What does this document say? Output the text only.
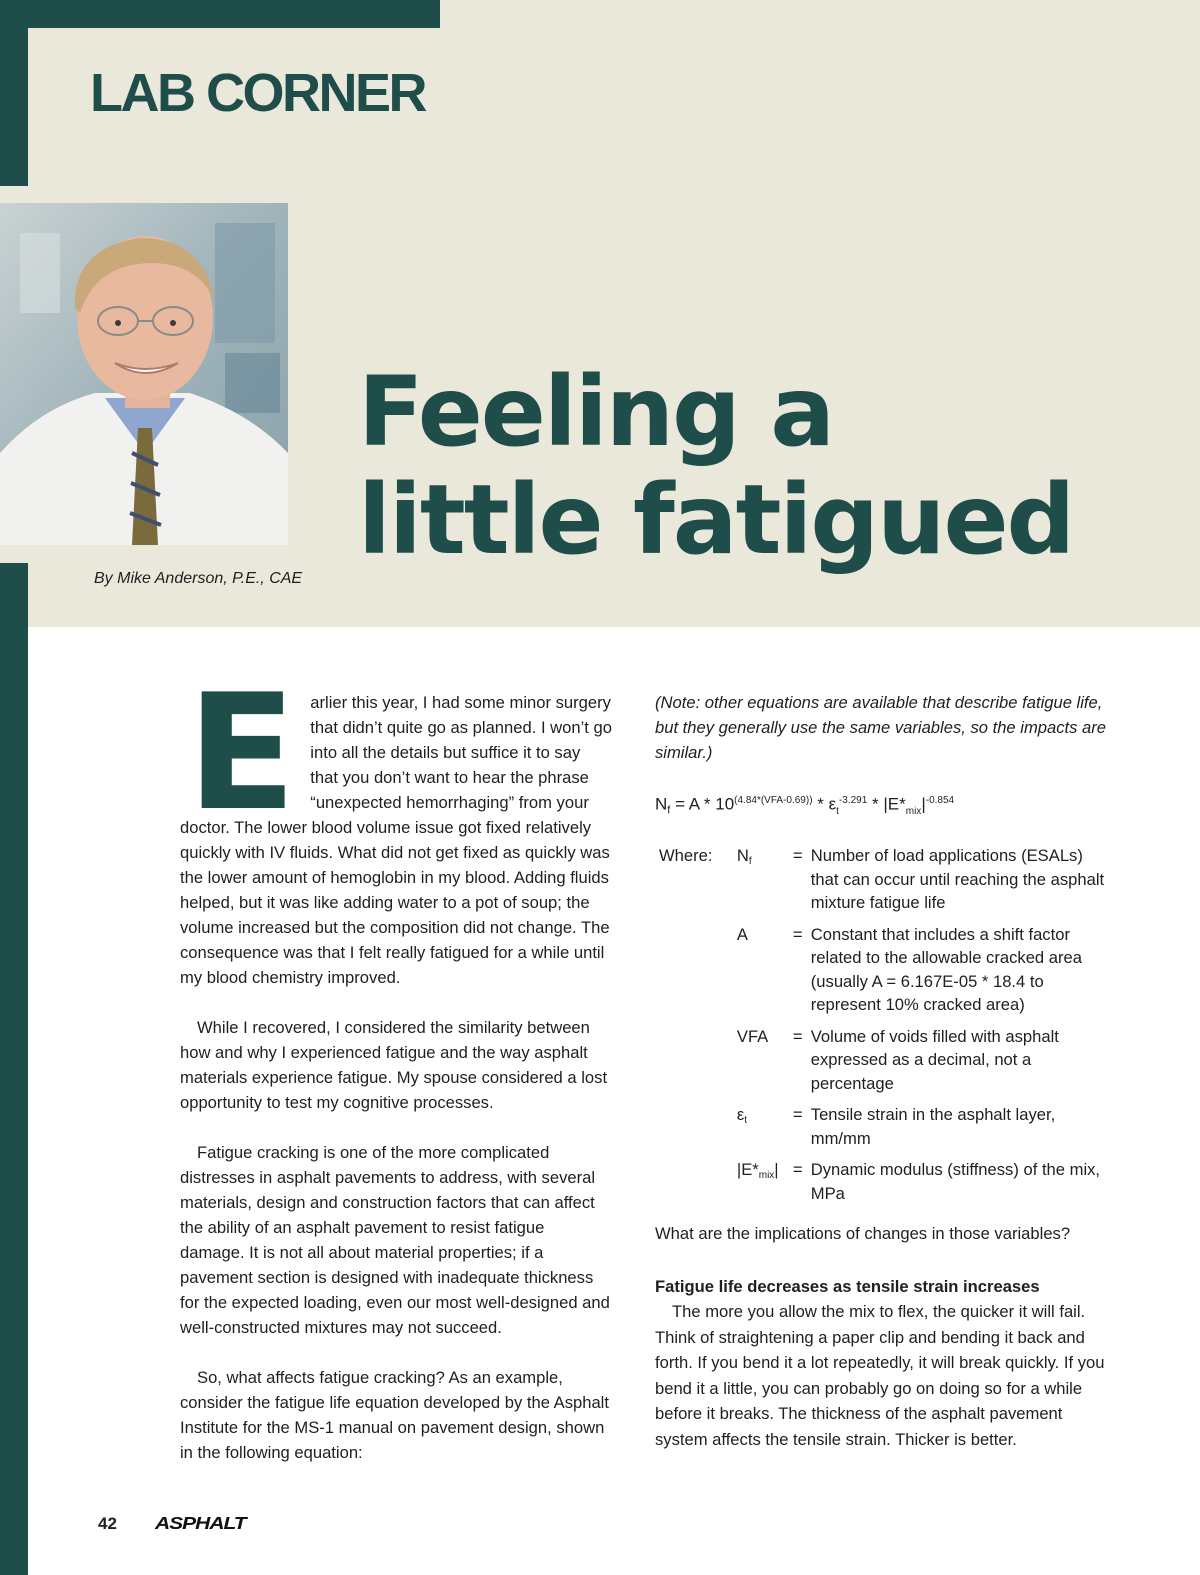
LAB CORNER

By Mike Anderson, P.E., CAE

Feeling a
little fatigued

Earlier this year, I had some minor surgery that didn’t quite go as planned. I won’t go into all the details but suffice it to say that you don’t want to hear the phrase “unexpected hemorrhaging” from your doctor. The lower blood volume issue got fixed relatively quickly with IV fluids. What did not get fixed as quickly was the lower amount of hemoglobin in my blood. Adding fluids helped, but it was like adding water to a pot of soup; the volume increased but the composition did not change. The consequence was that I felt really fatigued for a while until my blood chemistry improved.

While I recovered, I considered the similarity between how and why I experienced fatigue and the way asphalt materials experience fatigue. My spouse considered a lost opportunity to test my cognitive processes.

Fatigue cracking is one of the more complicated distresses in asphalt pavements to address, with several materials, design and construction factors that can affect the ability of an asphalt pavement to resist fatigue damage. It is not all about material properties; if a pavement section is designed with inadequate thickness for the expected loading, even our most well-designed and well-constructed mixtures may not succeed.

So, what affects fatigue cracking? As an example, consider the fatigue life equation developed by the Asphalt Institute for the MS-1 manual on pavement design, shown in the following equation:

(Note: other equations are available that describe fatigue life, but they generally use the same variables, so the impacts are similar.)

$N_f = A * 10^{(4.84*(VFA-0.69))} * \varepsilon_t^{-3.291} * |E*_{mix}|^{-0.854}$

Where:	Nf	=	Number of load applications (ESALs) that can occur until reaching the asphalt mixture fatigue life
	A	=	Constant that includes a shift factor related to the allowable cracked area (usually A = 6.167E-05 * 18.4 to represent 10% cracked area)
	VFA	=	Volume of voids filled with asphalt expressed as a decimal, not a percentage
	εt	=	Tensile strain in the asphalt layer, mm/mm
	|E*mix|	=	Dynamic modulus (stiffness) of the mix, MPa

What are the implications of changes in those variables?

Fatigue life decreases as tensile strain increases

The more you allow the mix to flex, the quicker it will fail. Think of straightening a paper clip and bending it back and forth. If you bend it a lot repeatedly, it will break quickly. If you bend it a little, you can probably go on doing so for a while before it breaks. The thickness of the asphalt pavement system affects the tensile strain. Thicker is better.

42 ASPHALT
